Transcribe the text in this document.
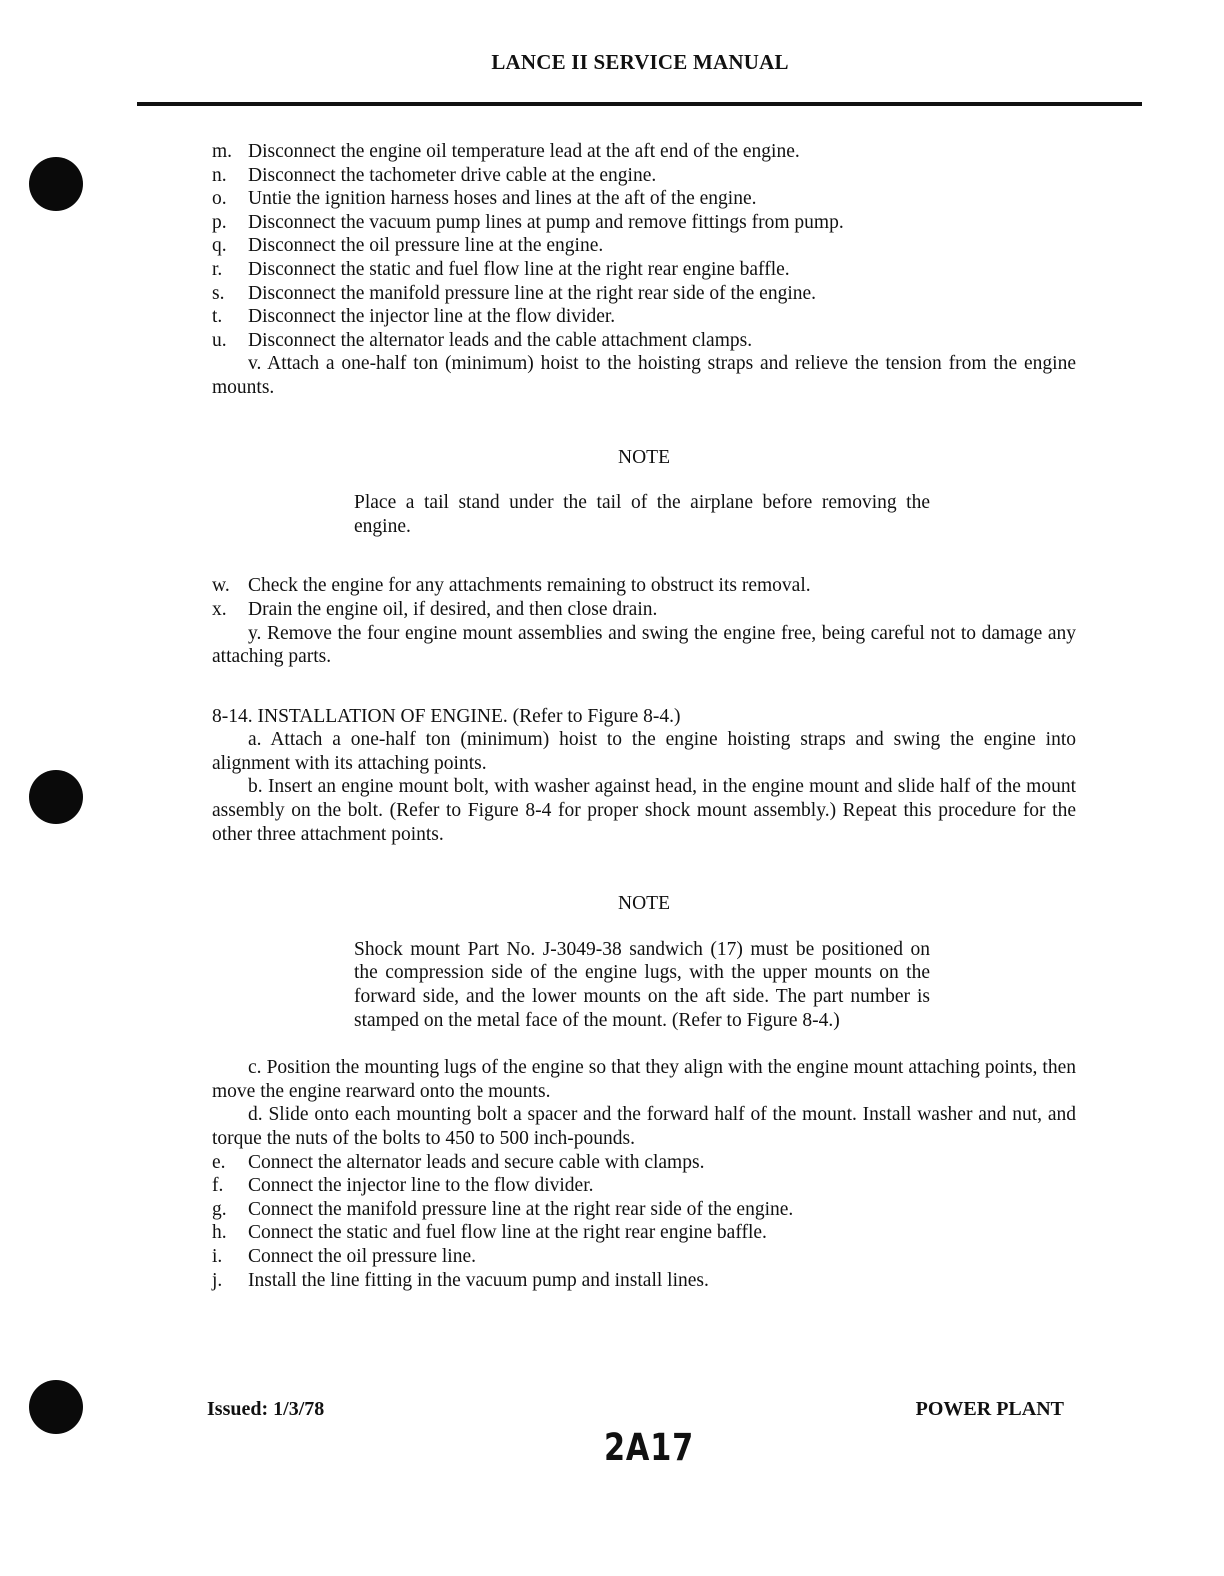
LANCE II SERVICE MANUAL

m. Disconnect the engine oil temperature lead at the aft end of the engine.

n. Disconnect the tachometer drive cable at the engine.

o. Untie the ignition harness hoses and lines at the aft of the engine.

p. Disconnect the vacuum pump lines at pump and remove fittings from pump.

q. Disconnect the oil pressure line at the engine.

r. Disconnect the static and fuel flow line at the right rear engine baffle.

s. Disconnect the manifold pressure line at the right rear side of the engine.

t. Disconnect the injector line at the flow divider.

u. Disconnect the alternator leads and the cable attachment clamps.

v. Attach a one-half ton (minimum) hoist to the hoisting straps and relieve the tension from the engine mounts.

NOTE

Place a tail stand under the tail of the airplane before removing the engine.

w. Check the engine for any attachments remaining to obstruct its removal.

x. Drain the engine oil, if desired, and then close drain.

y. Remove the four engine mount assemblies and swing the engine free, being careful not to damage any attaching parts.

8-14. INSTALLATION OF ENGINE. (Refer to Figure 8-4.)

a. Attach a one-half ton (minimum) hoist to the engine hoisting straps and swing the engine into alignment with its attaching points.

b. Insert an engine mount bolt, with washer against head, in the engine mount and slide half of the mount assembly on the bolt. (Refer to Figure 8-4 for proper shock mount assembly.) Repeat this procedure for the other three attachment points.

NOTE

Shock mount Part No. J-3049-38 sandwich (17) must be positioned on the compression side of the engine lugs, with the upper mounts on the forward side, and the lower mounts on the aft side. The part number is stamped on the metal face of the mount. (Refer to Figure 8-4.)

c. Position the mounting lugs of the engine so that they align with the engine mount attaching points, then move the engine rearward onto the mounts.

d. Slide onto each mounting bolt a spacer and the forward half of the mount. Install washer and nut, and torque the nuts of the bolts to 450 to 500 inch-pounds.

e. Connect the alternator leads and secure cable with clamps.

f. Connect the injector line to the flow divider.

g. Connect the manifold pressure line at the right rear side of the engine.

h. Connect the static and fuel flow line at the right rear engine baffle.

i. Connect the oil pressure line.

j. Install the line fitting in the vacuum pump and install lines.

Issued: 1/3/78	POWER PLANT
2A17
